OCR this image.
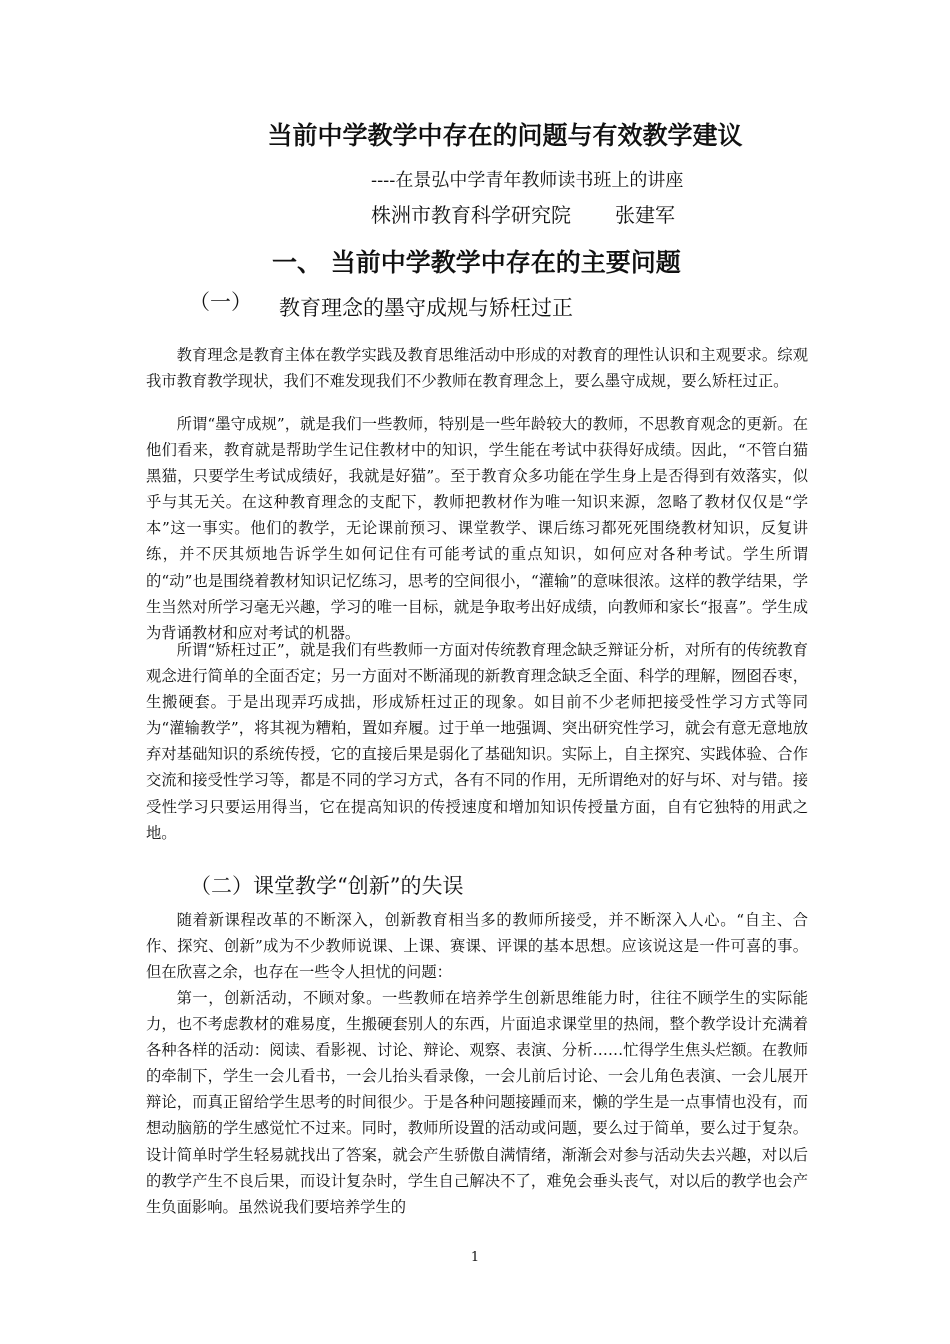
当前中学教学中存在的问题与有效教学建议
----在景弘中学青年教师读书班上的讲座
株洲市教育科学研究院 张建军
一、 当前中学教学中存在的主要问题
（一） 教育理念的墨守成规与矫枉过正

教育理念是教育主体在教学实践及教育思维活动中形成的对教育的理性认识和主观要求。综观我市教育教学现状，我们不难发现我们不少教师在教育理念上，要么墨守成规，要么矫枉过正。

所谓“墨守成规”，就是我们一些教师，特别是一些年龄较大的教师，不思教育观念的更新。在他们看来，教育就是帮助学生记住教材中的知识，学生能在考试中获得好成绩。因此，“不管白猫黑猫，只要学生考试成绩好，我就是好猫”。至于教育众多功能在学生身上是否得到有效落实，似乎与其无关。在这种教育理念的支配下，教师把教材作为唯一知识来源，忽略了教材仅仅是“学本”这一事实。他们的教学，无论课前预习、课堂教学、课后练习都死死围绕教材知识，反复讲练，并不厌其烦地告诉学生如何记住有可能考试的重点知识，如何应对各种考试。学生所谓的“动”也是围绕着教材知识记忆练习，思考的空间很小，“灌输”的意味很浓。这样的教学结果，学生当然对所学习毫无兴趣，学习的唯一目标，就是争取考出好成绩，向教师和家长“报喜”。学生成为背诵教材和应对考试的机器。

所谓“矫枉过正”，就是我们有些教师一方面对传统教育理念缺乏辩证分析，对所有的传统教育观念进行简单的全面否定；另一方面对不断涌现的新教育理念缺乏全面、科学的理解，囫囵吞枣，生搬硬套。于是出现弄巧成拙，形成矫枉过正的现象。如目前不少老师把接受性学习方式等同为“灌输教学”，将其视为糟粕，置如弃履。过于单一地强调、突出研究性学习，就会有意无意地放弃对基础知识的系统传授，它的直接后果是弱化了基础知识。实际上，自主探究、实践体验、合作交流和接受性学习等，都是不同的学习方式，各有不同的作用，无所谓绝对的好与坏、对与错。接受性学习只要运用得当，它在提高知识的传授速度和增加知识传授量方面，自有它独特的用武之地。

（二）课堂教学“创新”的失误

随着新课程改革的不断深入，创新教育相当多的教师所接受，并不断深入人心。“自主、合作、探究、创新”成为不少教师说课、上课、赛课、评课的基本思想。应该说这是一件可喜的事。但在欣喜之余，也存在一些令人担忧的问题：

第一，创新活动，不顾对象。一些教师在培养学生创新思维能力时，往往不顾学生的实际能力，也不考虑教材的难易度，生搬硬套别人的东西，片面追求课堂里的热闹，整个教学设计充满着各种各样的活动：阅读、看影视、讨论、辩论、观察、表演、分析……忙得学生焦头烂额。在教师的牵制下，学生一会儿看书，一会儿抬头看录像，一会儿前后讨论、一会儿角色表演、一会儿展开辩论，而真正留给学生思考的时间很少。于是各种问题接踵而来，懒的学生是一点事情也没有，而想动脑筋的学生感觉忙不过来。同时，教师所设置的活动或问题，要么过于简单，要么过于复杂。设计简单时学生轻易就找出了答案，就会产生骄傲自满情绪，渐渐会对参与活动失去兴趣，对以后的教学产生不良后果，而设计复杂时，学生自己解决不了，难免会垂头丧气，对以后的教学也会产生负面影响。虽然说我们要培养学生的

1
